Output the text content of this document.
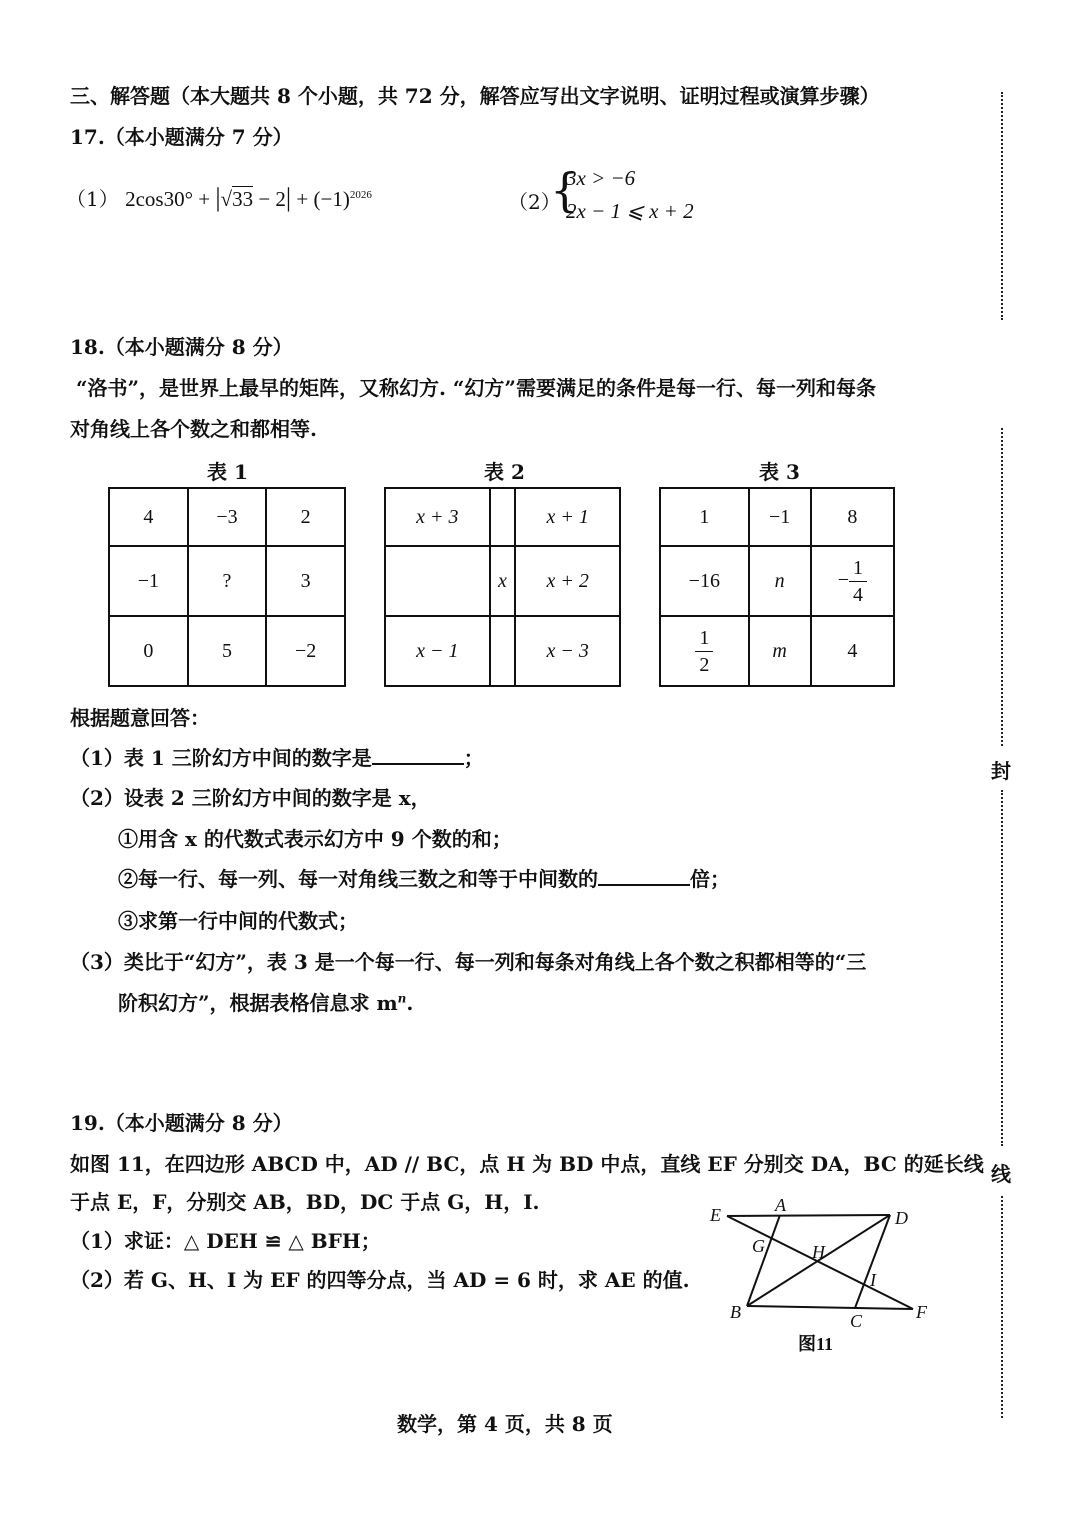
三、解答题（本大题共 8 个小题，共 72 分，解答应写出文字说明、证明过程或演算步骤）
17.（本小题满分 7 分）
（1） $2\cos 30^\circ + |√33 - 2| + (-1)^{2026}$	（2）
{
3x > −6
2x − 1 ⩽ x + 2
18.（本小题满分 8 分）
“洛书”，是世界上最早的矩阵，又称幻方. “幻方”需要满足的条件是每一行、每一列和每条
对角线上各个数之和都相等.
表 1	表 2	表 3
4	−3	2
−1	?	3
0	5	−2
x + 3		x + 1
	x	x + 2
x − 1		x − 3
1	−1	8
−16	n	− $\frac{1}{4}$

$\frac{1}{2}$	m	4
根据题意回答：
（1）表 1 三阶幻方中间的数字是	；
（2）设表 2 三阶幻方中间的数字是 x，
①用含 x 的代数式表示幻方中 9 个数的和；
②每一行、每一列、每一对角线三数之和等于中间数的	倍；
③求第一行中间的代数式；
（3）类比于“幻方”，表 3 是一个每一行、每一列和每条对角线上各个数之积都相等的“三
阶积幻方”，根据表格信息求 $m^n$.
19.（本小题满分 8 分）
如图 11，在四边形 ABCD 中，AD // BC，点 H 为 BD 中点，直线 EF 分别交 DA，BC 的延长线
于点 E，F，分别交 AB，BD，DC 于点 G，H，I.
（1）求证：△ DEH ≌ △ BFH；
（2）若 G、H、I 为 EF 的四等分点，当 AD = 6 时，求 AE 的值.
E	A
D
G	H
I
B	C	F
图11
封
线
数学，第 4 页，共 8 页
